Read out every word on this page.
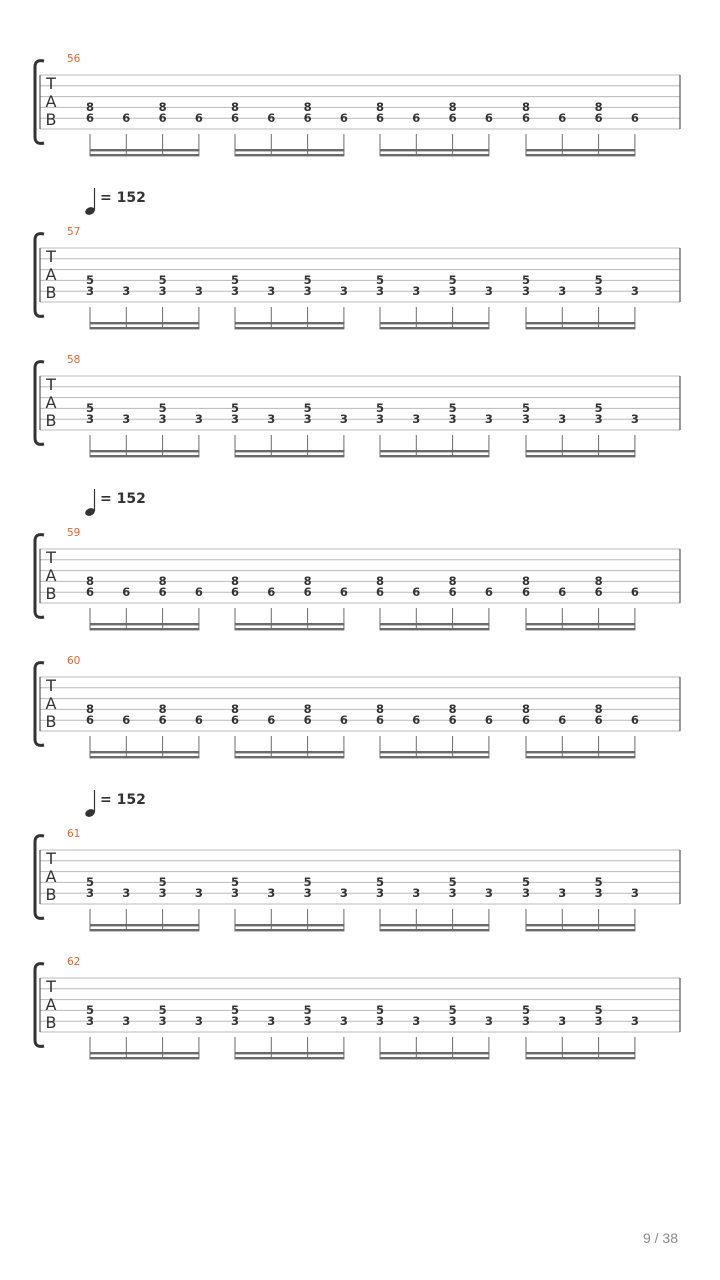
= 152
= 152
= 152
56
T
A
B
8
6 6
8
6 6
8
6 6
8
6 6
8
6 6
8
6 6
8
6 6
8
6 6
57
T
A
B
5
3 3
5
3 3
5
3 3
5
3 3
5
3 3
5
3 3
5
3 3
5
3 3
58
T
A
B
5
3 3
5
3 3
5
3 3
5
3 3
5
3 3
5
3 3
5
3 3
5
3 3
59
T
A
B
8
6 6
8
6 6
8
6 6
8
6 6
8
6 6
8
6 6
8
6 6
8
6 6
60
T
A
B
8
6 6
8
6 6
8
6 6
8
6 6
8
6 6
8
6 6
8
6 6
8
6 6
61
T
A
B
5
3 3
5
3 3
5
3 3
5
3 3
5
3 3
5
3 3
5
3 3
5
3 3
62
T
A
B
5
3 3
5
3 3
5
3 3
5
3 3
5
3 3
5
3 3
5
3 3
5
3 3
9 / 38
